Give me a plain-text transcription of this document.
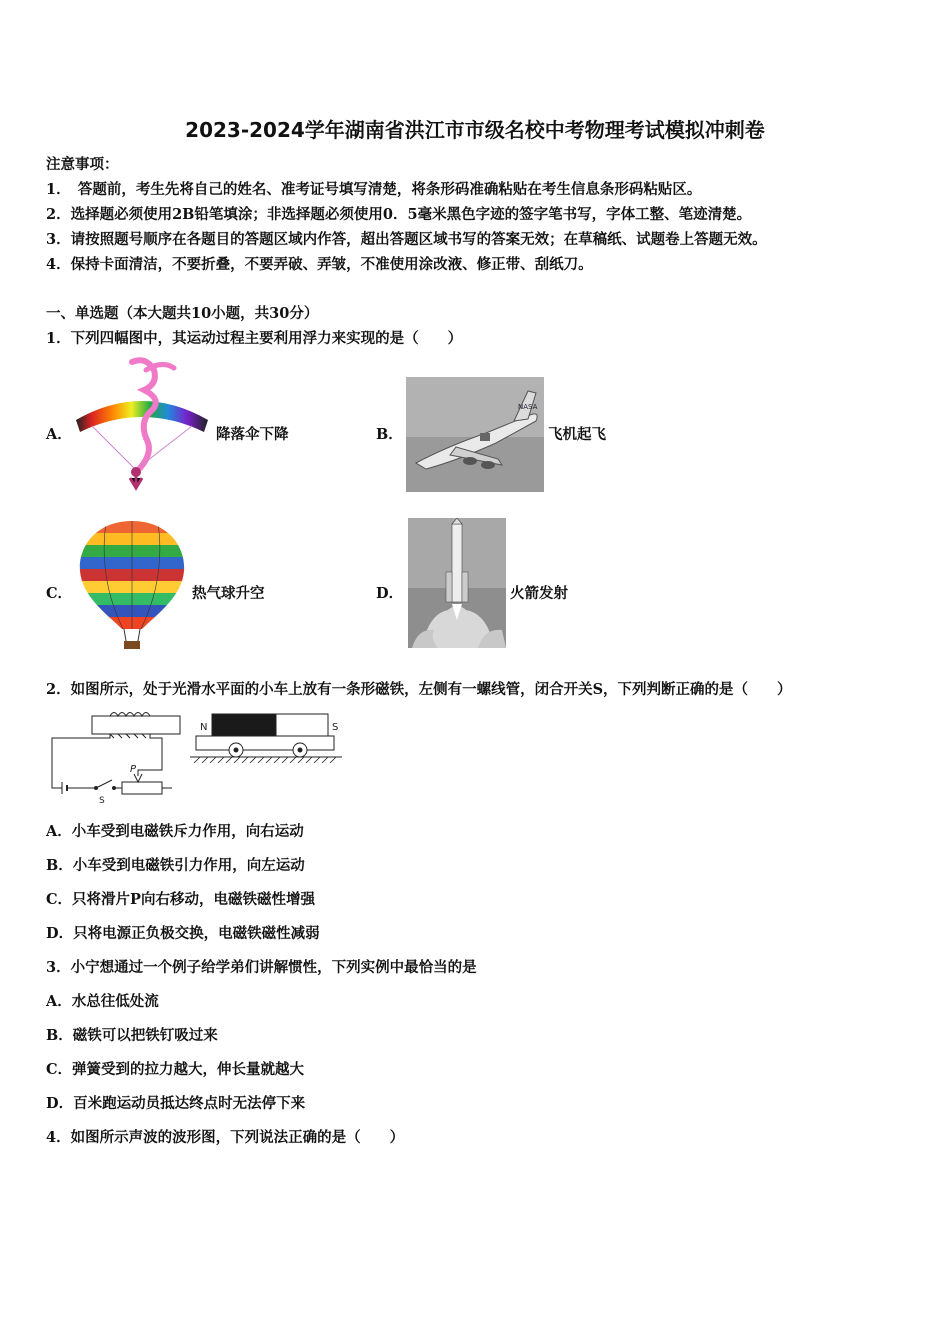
2023-2024学年湖南省洪江市市级名校中考物理考试模拟冲刺卷
注意事项：
1．　答题前，考生先将自己的姓名、准考证号填写清楚，将条形码准确粘贴在考生信息条形码粘贴区。
2．选择题必须使用2B铅笔填涂；非选择题必须使用0．5毫米黑色字迹的签字笔书写，字体工整、笔迹清楚。
3．请按照题号顺序在各题目的答题区域内作答，超出答题区域书写的答案无效；在草稿纸、试题卷上答题无效。
4．保持卡面清洁，不要折叠，不要弄破、弄皱，不准使用涂改液、修正带、刮纸刀。
一、单选题（本大题共10小题，共30分）
1．下列四幅图中，其运动过程主要利用浮力来实现的是（　　）
A．	降落伞下降	B．
NASA
飞机起飞
C．	热气球升空	D．	火箭发射
2．如图所示，处于光滑水平面的小车上放有一条形磁铁，左侧有一螺线管，闭合开关S，下列判断正确的是（　　）
N	S
P
S
A．小车受到电磁铁斥力作用，向右运动
B．小车受到电磁铁引力作用，向左运动
C．只将滑片P向右移动，电磁铁磁性增强
D．只将电源正负极交换，电磁铁磁性减弱
3．小宁想通过一个例子给学弟们讲解惯性，下列实例中最恰当的是
A．水总往低处流
B．磁铁可以把铁钉吸过来
C．弹簧受到的拉力越大，伸长量就越大
D．百米跑运动员抵达终点时无法停下来
4．如图所示声波的波形图，下列说法正确的是（　　）
